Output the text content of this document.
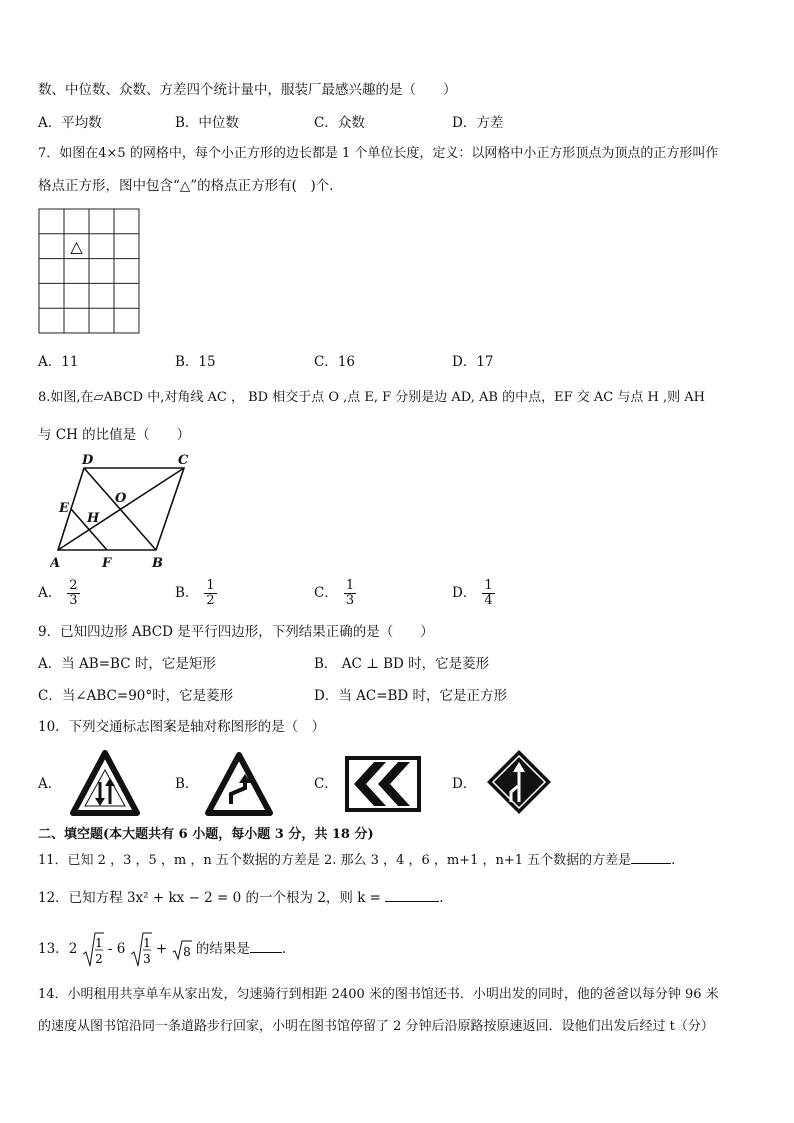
数、中位数、众数、方差四个统计量中，服装厂最感兴趣的是（　　）
A．平均数	B．中位数	C．众数	D．方差
7．如图在4×5 的网格中，每个小正方形的边长都是 1 个单位长度，定义：以网格中小正方形顶点为顶点的正方形叫作
格点正方形，图中包含“△”的格点正方形有(　)个．
△
A．11	B．15	C．16	D．17
8.如图,在▱ABCD 中,对角线 AC ， BD 相交于点 O ,点 E, F 分别是边 AD, AB 的中点，EF 交 AC 与点 H ,则 AH
与 CH 的比值是（　　）
D	C
E
O
H
A	F	B
A． $\frac{2}{3}$	B． $\frac{1}{2}$	C． $\frac{1}{3}$	D． $\frac{1}{4}$
9．已知四边形 ABCD 是平行四边形，下列结果正确的是（　　）
A．当 AB=BC 时，它是矩形	B． AC ⊥ BD 时，它是菱形
C．当∠ABC=90°时，它是菱形	D．当 AC=BD 时，它是正方形
10．下列交通标志图案是轴对称图形的是（　）
A．	B．	C．	D．
二、填空题(本大题共有 6 小题，每小题 3 分，共 18 分)
11．已知 2 ，3 ，5 ，m ，n 五个数据的方差是 2. 那么 3 ，4 ，6 ，m+1 ，n+1 五个数据的方差是	.
12．已知方程 3x² + kx − 2 = 0 的一个根为 2，则 k =	.
13．2 1
2
- 6 1
3
+ 8 的结果是 .
14．小明租用共享单车从家出发，匀速骑行到相距 2400 米的图书馆还书．小明出发的同时，他的爸爸以每分钟 96 米
的速度从图书馆沿同一条道路步行回家，小明在图书馆停留了 2 分钟后沿原路按原速返回．设他们出发后经过 t（分）
